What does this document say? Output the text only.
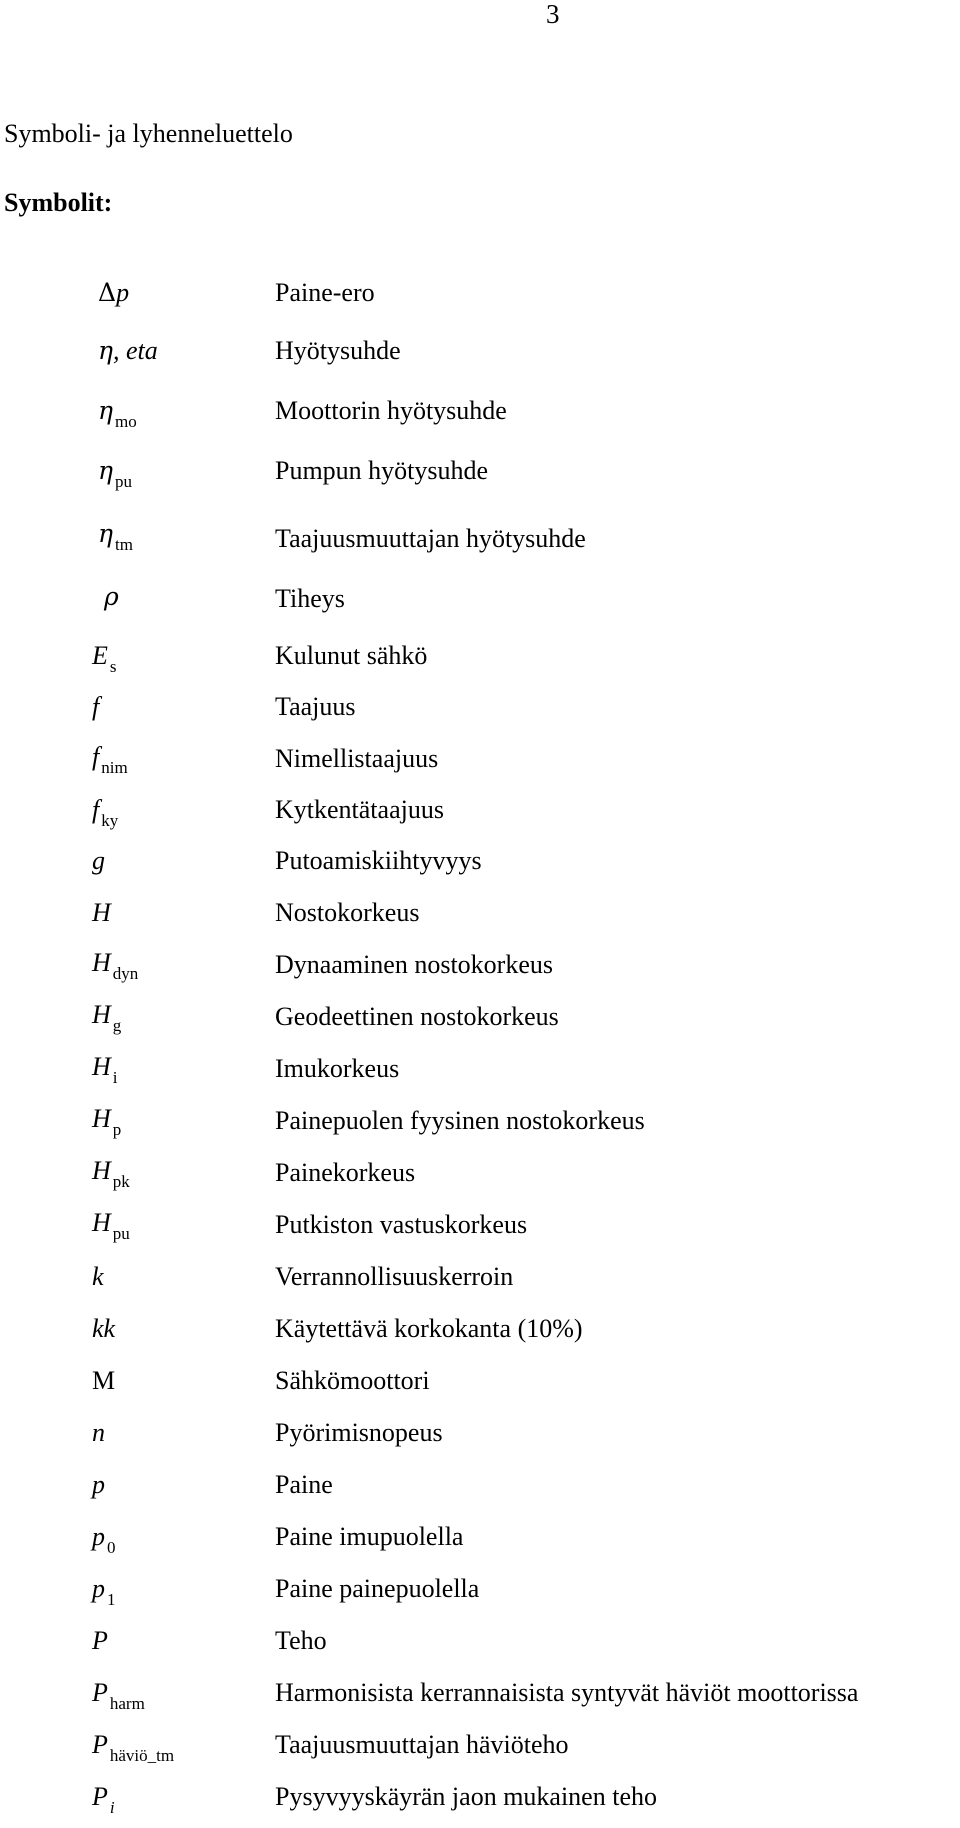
3
Symboli- ja lyhenneluettelo
Symbolit:
Δp	Paine-ero
η, eta	Hyötysuhde
η $_{mo}$	Moottorin hyötysuhde
η $_{pu}$	Pumpun hyötysuhde
η $_{tm}$	Taajuusmuuttajan hyötysuhde
ρ	Tiheys
E $_s$	Kulunut sähkö
f	Taajuus
f $_{nim}$	Nimellistaajuus
f $_{ky}$	Kytkentätaajuus
g	Putoamiskiihtyvyys
H	Nostokorkeus
H $_{dyn}$	Dynaaminen nostokorkeus
H $_g$	Geodeettinen nostokorkeus
H $_i$	Imukorkeus
H $_p$	Painepuolen fyysinen nostokorkeus
H $_{pk}$	Painekorkeus
H $_{pu}$	Putkiston vastuskorkeus
k	Verrannollisuuskerroin
kk	Käytettävä korkokanta (10%)
M	Sähkömoottori
n	Pyörimisnopeus
p	Paine
p $_0$	Paine imupuolella
p $_1$	Paine painepuolella
P	Teho
P $_{harm}$	Harmonisista kerrannaisista syntyvät häviöt moottorissa
P $_{häviö\_tm}$	Taajuusmuuttajan häviöteho
P $_i$	Pysyvyyskäyrän jaon mukainen teho
